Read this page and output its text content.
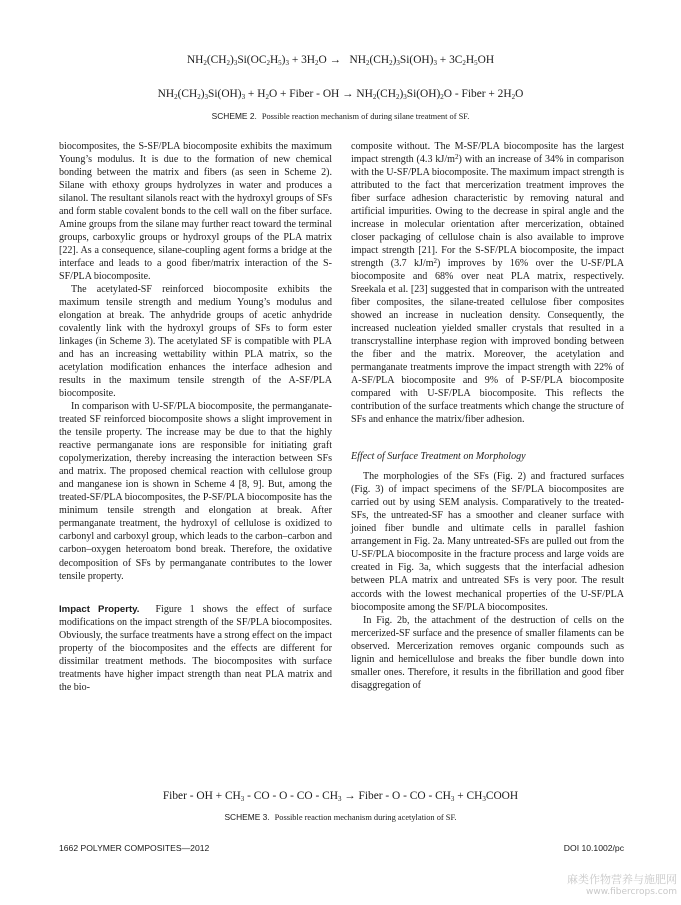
$NH_2(CH_2)_3Si(OC_2H_5)_3 + 3H_2O \to NH_2(CH_2)_3Si(OH)_3 + 3C_2H_5OH$
$NH_2(CH_2)_3Si(OH)_3 + H_2O$ + Fiber - OH → $NH_2(CH_2)_3Si(OH)_2O$ - Fiber + $2H_2O$
SCHEME 2. Possible reaction mechanism of during silane treatment of SF.

biocomposites, the S-SF/PLA biocomposite exhibits the maximum Young’s modulus. It is due to the formation of new chemical bonding between the matrix and fibers (as seen in Scheme 2). Silane with ethoxy groups hydrolyzes in water and produces a silanol. The resultant silanols react with the hydroxyl groups of SFs and form stable covalent bonds to the cell wall on the fiber surface. Amine groups from the silane may further react toward the terminal groups, carboxylic groups or hydroxyl groups of the PLA matrix [22]. As a consequence, silane-coupling agent forms a bridge at the interface and leads to a good fiber/matrix interaction of the S-SF/PLA biocomposite.

The acetylated-SF reinforced biocomposite exhibits the maximum tensile strength and medium Young’s modulus and elongation at break. The anhydride groups of acetic anhydride covalently link with the hydroxyl groups of SFs to form ester linkages (in Scheme 3). The acetylated SF is compatible with PLA and has an increasing wettability within PLA matrix, so the acetylation modification enhances the interface adhesion and results in the maximum tensile strength of the A-SF/PLA biocomposite.

In comparison with U-SF/PLA biocomposite, the permanganate-treated SF reinforced biocomposite shows a slight improvement in the tensile property. The increase may be due to that the highly reactive permanganate ions are responsible for initiating graft copolymerization, thereby increasing the interaction between SFs and matrix. The proposed chemical reaction with cellulose group and manganese ion is shown in Scheme 4 [8, 9]. But, among the treated-SF/PLA biocomposites, the P-SF/PLA biocomposite has the minimum tensile strength and elongation at break. After permanganate treatment, the hydroxyl of cellulose is oxidized to carbonyl and carboxyl group, which leads to the carbon–carbon and carbon–oxygen heteroatom bond break. Therefore, the oxidative decomposition of SFs by permanganate contributes to the lower tensile property.

Impact Property. Figure 1 shows the effect of surface modifications on the impact strength of the SF/PLA biocomposites. Obviously, the surface treatments have a strong effect on the impact property of the biocomposites and the effects are different for dissimilar treatment methods. The biocomposites with surface treatments have higher impact strength than neat PLA matrix and the bio-

composite without. The M-SF/PLA biocomposite has the largest impact strength (4.3 $kJ/m^2$) with an increase of 34% in comparison with the U-SF/PLA biocomposite. The maximum impact strength is attributed to the fact that mercerization treatment improves the fiber surface adhesion characteristic by removing natural and artificial impurities. Owing to the decrease in spiral angle and the increase in molecular orientation after mercerization, obtained closer packaging of cellulose chain is also available to improve impact strength [21]. For the S-SF/PLA biocomposite, the impact strength (3.7 $kJ/m^2$) improves by 16% over the U-SF/PLA biocomposite and 68% over neat PLA matrix, respectively. Sreekala et al. [23] suggested that in comparison with the untreated fiber composites, the silane-treated cellulose fiber composites showed an increase in nucleation density. Consequently, the increased nucleation yielded smaller crystals that resulted in a transcrystalline interphase region with improved bonding between the fiber and the matrix. Moreover, the acetylation and permanganate treatments improve the impact strength with 22% of A-SF/PLA biocomposite and 9% of P-SF/PLA biocomposite compared with U-SF/PLA biocomposite. This reflects the contribution of the surface treatments which change the structure of SFs and enhance the matrix/fiber adhesion.

Effect of Surface Treatment on Morphology

The morphologies of the SFs (Fig. 2) and fractured surfaces (Fig. 3) of impact specimens of the SF/PLA biocomposites are carried out by using SEM analysis. Comparatively to the treated-SFs, the untreated-SF has a smoother and cleaner surface with joined fiber bundle and ultimate cells in parallel fashion arrangement in Fig. 2a. Many untreated-SFs are pulled out from the U-SF/PLA biocomposite in the fracture process and large voids are created in Fig. 3a, which suggests that the interfacial adhesion between PLA matrix and untreated SFs is very poor. The result accords with the lowest mechanical properties of the U-SF/PLA biocomposite among the SF/PLA biocomposites.

In Fig. 2b, the attachment of the destruction of cells on the mercerized-SF surface and the presence of smaller filaments can be observed. Mercerization removes organic compounds such as lignin and hemicellulose and breaks the fiber bundle down into smaller ones. Therefore, it results in the fibrillation and good fiber disaggregation of

Fiber - OH + $CH_3$ - CO - O - CO - $CH_3$ → Fiber - O - CO - $CH_3$ + $CH_3COOH$
SCHEME 3. Possible reaction mechanism during acetylation of SF.
1662 POLYMER COMPOSITES—2012	DOI 10.1002/pc
麻类作物营养与施肥网
www.fibercrops.com
